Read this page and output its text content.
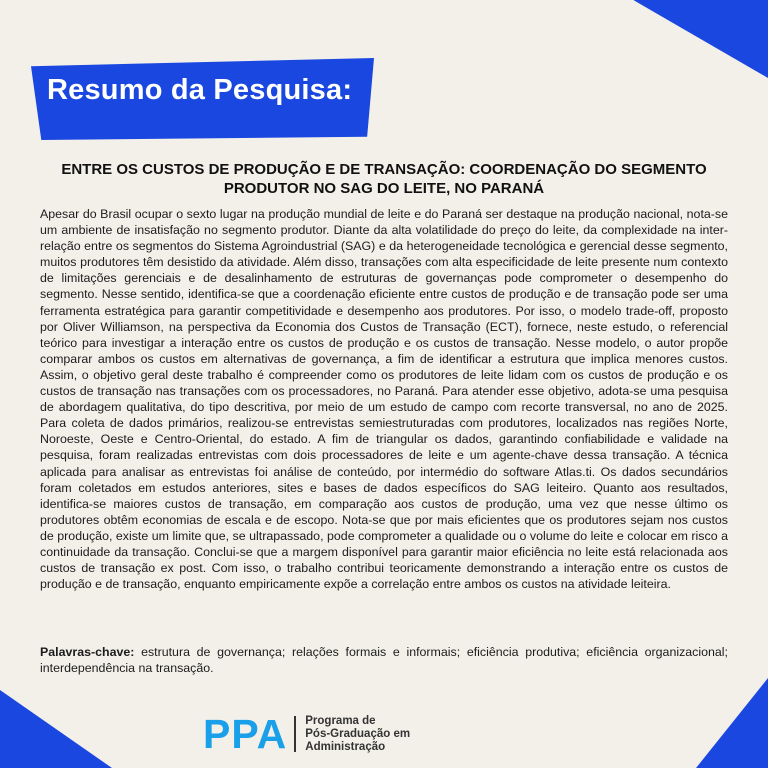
Resumo da Pesquisa:
ENTRE OS CUSTOS DE PRODUÇÃO E DE TRANSAÇÃO: COORDENAÇÃO DO SEGMENTO PRODUTOR NO SAG DO LEITE, NO PARANÁ

Apesar do Brasil ocupar o sexto lugar na produção mundial de leite e do Paraná ser destaque na produção nacional, nota-se um ambiente de insatisfação no segmento produtor. Diante da alta volatilidade do preço do leite, da complexidade na inter-relação entre os segmentos do Sistema Agroindustrial (SAG) e da heterogeneidade tecnológica e gerencial desse segmento, muitos produtores têm desistido da atividade. Além disso, transações com alta especificidade de leite presente num contexto de limitações gerenciais e de desalinhamento de estruturas de governanças pode comprometer o desempenho do segmento. Nesse sentido, identifica-se que a coordenação eficiente entre custos de produção e de transação pode ser uma ferramenta estratégica para garantir competitividade e desempenho aos produtores. Por isso, o modelo trade-off, proposto por Oliver Williamson, na perspectiva da Economia dos Custos de Transação (ECT), fornece, neste estudo, o referencial teórico para investigar a interação entre os custos de produção e os custos de transação. Nesse modelo, o autor propõe comparar ambos os custos em alternativas de governança, a fim de identificar a estrutura que implica menores custos. Assim, o objetivo geral deste trabalho é compreender como os produtores de leite lidam com os custos de produção e os custos de transação nas transações com os processadores, no Paraná. Para atender esse objetivo, adota-se uma pesquisa de abordagem qualitativa, do tipo descritiva, por meio de um estudo de campo com recorte transversal, no ano de 2025. Para coleta de dados primários, realizou-se entrevistas semiestruturadas com produtores, localizados nas regiões Norte, Noroeste, Oeste e Centro-Oriental, do estado. A fim de triangular os dados, garantindo confiabilidade e validade na pesquisa, foram realizadas entrevistas com dois processadores de leite e um agente-chave dessa transação. A técnica aplicada para analisar as entrevistas foi análise de conteúdo, por intermédio do software Atlas.ti. Os dados secundários foram coletados em estudos anteriores, sites e bases de dados específicos do SAG leiteiro. Quanto aos resultados, identifica-se maiores custos de transação, em comparação aos custos de produção, uma vez que nesse último os produtores obtêm economias de escala e de escopo. Nota-se que por mais eficientes que os produtores sejam nos custos de produção, existe um limite que, se ultrapassado, pode comprometer a qualidade ou o volume do leite e colocar em risco a continuidade da transação. Conclui-se que a margem disponível para garantir maior eficiência no leite está relacionada aos custos de transação ex post. Com isso, o trabalho contribui teoricamente demonstrando a interação entre os custos de produção e de transação, enquanto empiricamente expõe a correlação entre ambos os custos na atividade leiteira.

Palavras-chave: estrutura de governança; relações formais e informais; eficiência produtiva; eficiência organizacional; interdependência na transação.

PPA Programa de
Pós-Graduação em
Administração
